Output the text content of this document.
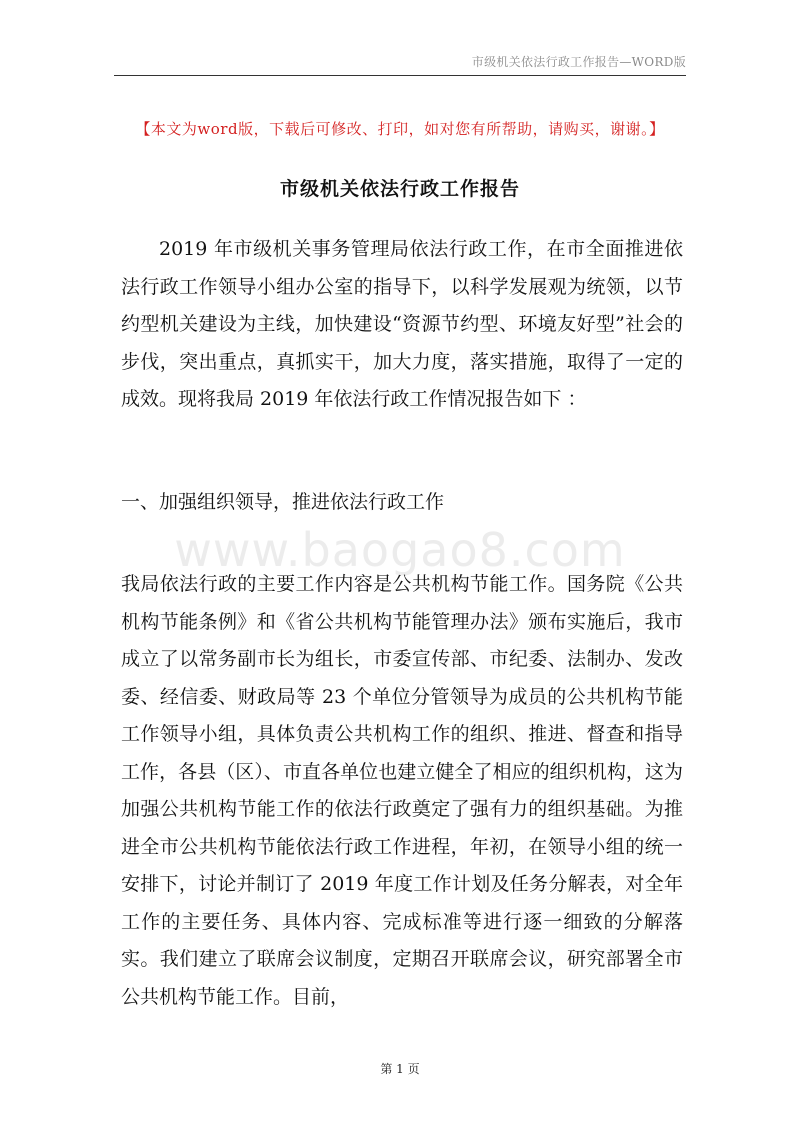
市级机关依法行政工作报告—WORD版
【本文为word版，下载后可修改、打印，如对您有所帮助，请购买，谢谢。】
市级机关依法行政工作报告

2019 年市级机关事务管理局依法行政工作，在市全面推进依法行政工作领导小组办公室的指导下，以科学发展观为统领，以节约型机关建设为主线，加快建设“资源节约型、环境友好型”社会的步伐，突出重点，真抓实干，加大力度，落实措施，取得了一定的成效。现将我局 2019 年依法行政工作情况报告如下 ：

一、加强组织领导，推进依法行政工作
www.baogao8.com

我局依法行政的主要工作内容是公共机构节能工作。国务院《公共机构节能条例》和《省公共机构节能管理办法》颁布实施后，我市成立了以常务副市长为组长，市委宣传部、市纪委、法制办、发改委、经信委、财政局等 23 个单位分管领导为成员的公共机构节能工作领导小组，具体负责公共机构工作的组织、推进、督查和指导工作，各县（区）、市直各单位也建立健全了相应的组织机构，这为加强公共机构节能工作的依法行政奠定了强有力的组织基础。为推进全市公共机构节能依法行政工作进程，年初，在领导小组的统一安排下，讨论并制订了 2019 年度工作计划及任务分解表，对全年工作的主要任务、具体内容、完成标准等进行逐一细致的分解落实。我们建立了联席会议制度，定期召开联席会议，研究部署全市公共机构节能工作。目前，

第 1 页
